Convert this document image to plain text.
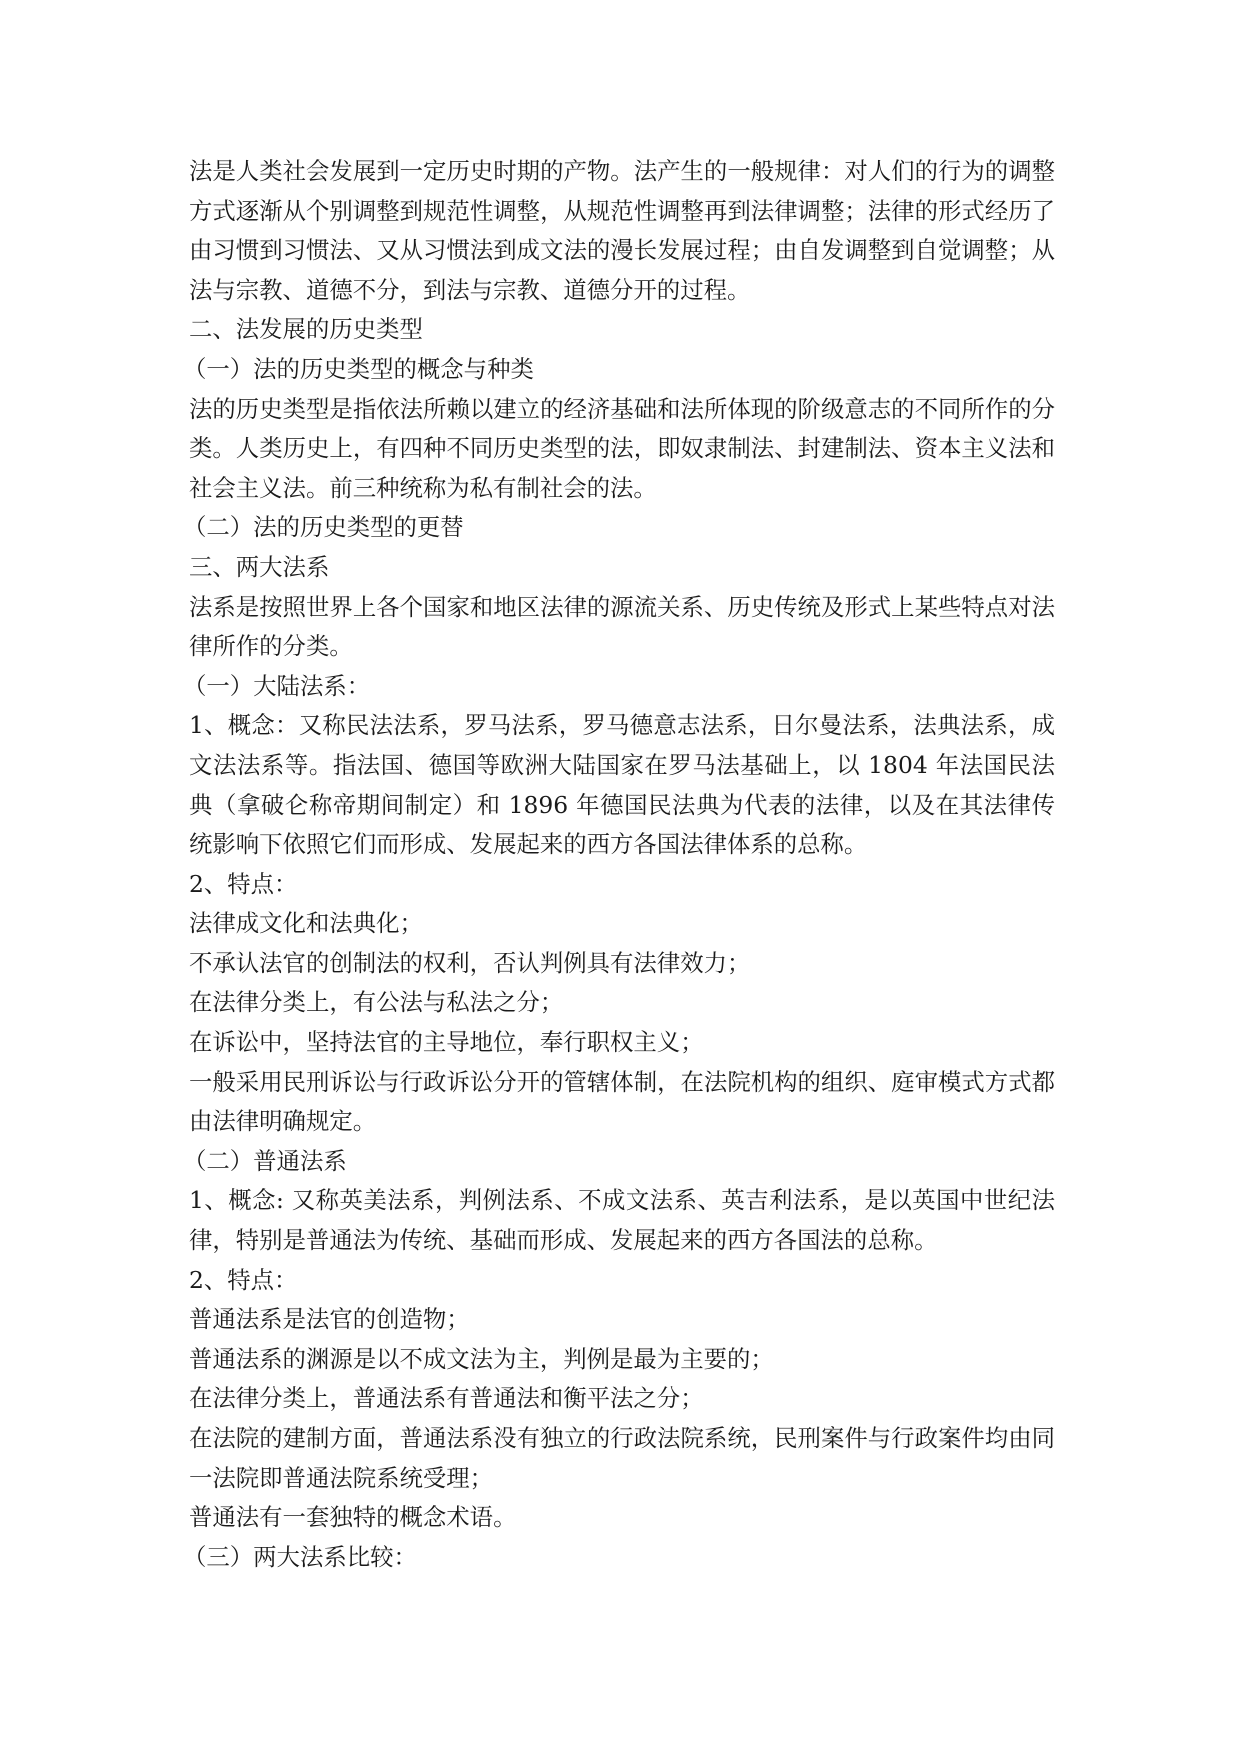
法是人类社会发展到一定历史时期的产物。法产生的一般规律：对人们的行为的调整方式逐渐从个别调整到规范性调整，从规范性调整再到法律调整；法律的形式经历了由习惯到习惯法、又从习惯法到成文法的漫长发展过程；由自发调整到自觉调整；从法与宗教、道德不分，到法与宗教、道德分开的过程。

二、法发展的历史类型

（一）法的历史类型的概念与种类

法的历史类型是指依法所赖以建立的经济基础和法所体现的阶级意志的不同所作的分类。人类历史上，有四种不同历史类型的法，即奴隶制法、封建制法、资本主义法和社会主义法。前三种统称为私有制社会的法。

（二）法的历史类型的更替

三、两大法系

法系是按照世界上各个国家和地区法律的源流关系、历史传统及形式上某些特点对法律所作的分类。

（一）大陆法系：

1、概念：又称民法法系，罗马法系，罗马德意志法系，日尔曼法系，法典法系，成文法法系等。指法国、德国等欧洲大陆国家在罗马法基础上，以 1804 年法国民法典（拿破仑称帝期间制定）和 1896 年德国民法典为代表的法律，以及在其法律传统影响下依照它们而形成、发展起来的西方各国法律体系的总称。

2、特点：

法律成文化和法典化；

不承认法官的创制法的权利，否认判例具有法律效力；

在法律分类上，有公法与私法之分；

在诉讼中，坚持法官的主导地位，奉行职权主义；

一般采用民刑诉讼与行政诉讼分开的管辖体制，在法院机构的组织、庭审模式方式都由法律明确规定。

（二）普通法系

1、概念: 又称英美法系，判例法系、不成文法系、英吉利法系，是以英国中世纪法律，特别是普通法为传统、基础而形成、发展起来的西方各国法的总称。

2、特点：

普通法系是法官的创造物；

普通法系的渊源是以不成文法为主，判例是最为主要的；

在法律分类上，普通法系有普通法和衡平法之分；

在法院的建制方面，普通法系没有独立的行政法院系统，民刑案件与行政案件均由同一法院即普通法院系统受理；

普通法有一套独特的概念术语。

（三）两大法系比较：
